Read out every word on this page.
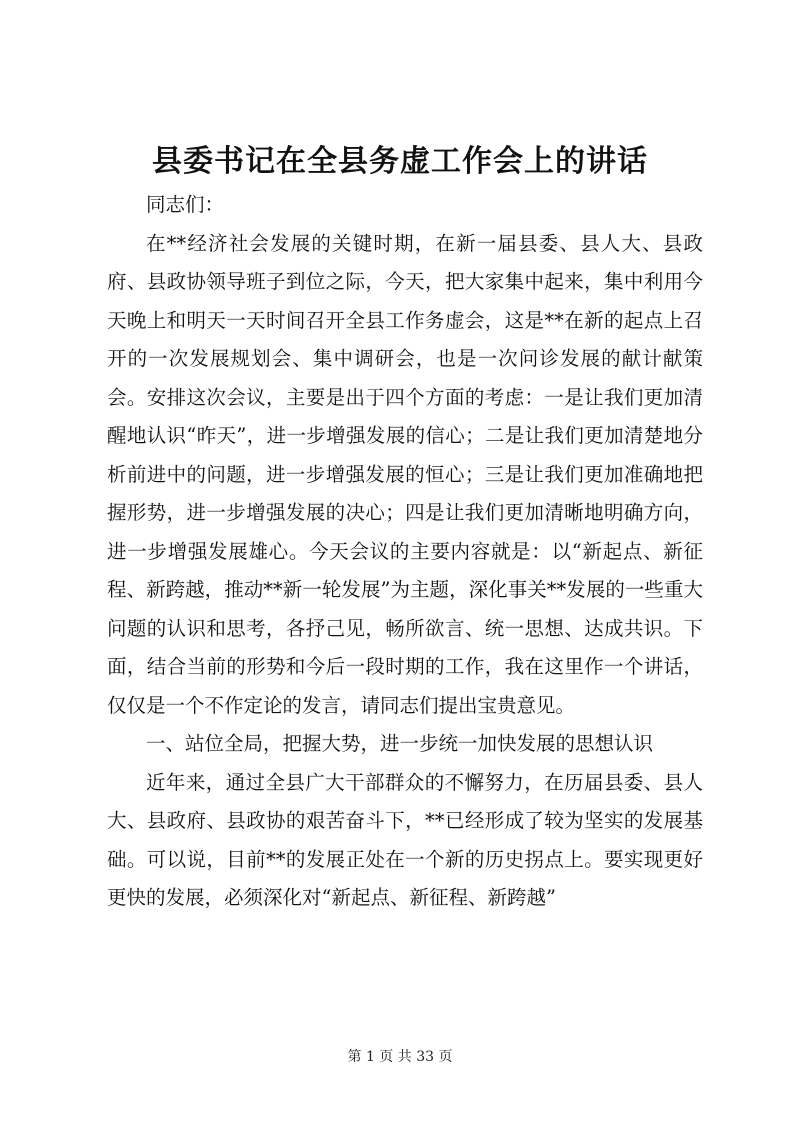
县委书记在全县务虚工作会上的讲话

同志们：

在**经济社会发展的关键时期，在新一届县委、县人大、县政府、县政协领导班子到位之际，今天，把大家集中起来，集中利用今天晚上和明天一天时间召开全县工作务虚会，这是**在新的起点上召开的一次发展规划会、集中调研会，也是一次问诊发展的献计献策会。安排这次会议，主要是出于四个方面的考虑：一是让我们更加清醒地认识“昨天”，进一步增强发展的信心；二是让我们更加清楚地分析前进中的问题，进一步增强发展的恒心；三是让我们更加准确地把握形势，进一步增强发展的决心；四是让我们更加清晰地明确方向，进一步增强发展雄心。今天会议的主要内容就是：以“新起点、新征程、新跨越，推动**新一轮发展”为主题，深化事关**发展的一些重大问题的认识和思考，各抒己见，畅所欲言、统一思想、达成共识。下面，结合当前的形势和今后一段时期的工作，我在这里作一个讲话，仅仅是一个不作定论的发言，请同志们提出宝贵意见。

一、站位全局，把握大势，进一步统一加快发展的思想认识

近年来，通过全县广大干部群众的不懈努力，在历届县委、县人大、县政府、县政协的艰苦奋斗下，**已经形成了较为坚实的发展基础。可以说，目前**的发展正处在一个新的历史拐点上。要实现更好更快的发展，必须深化对“新起点、新征程、新跨越”

第 1 页 共 33 页
